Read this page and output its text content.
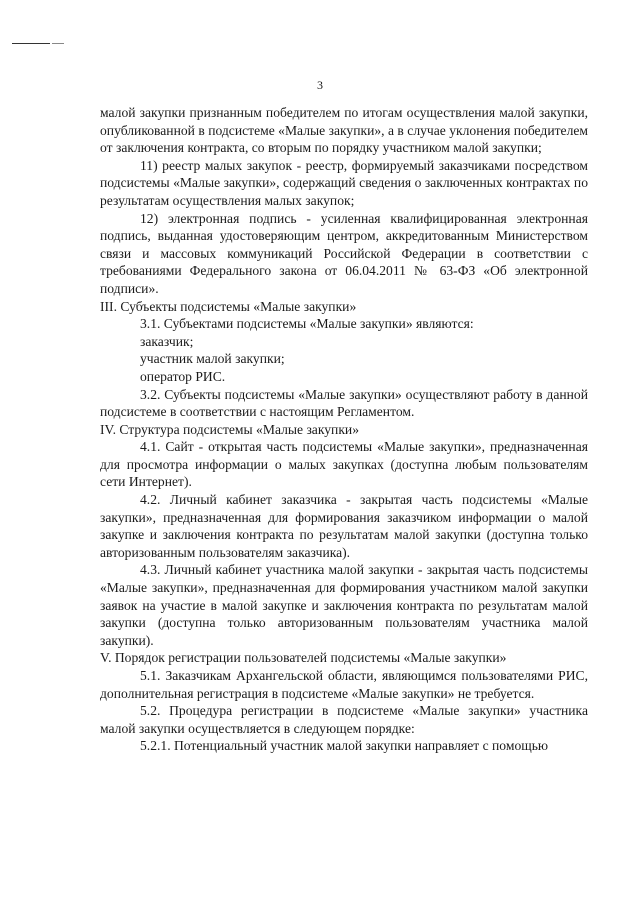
3

малой закупки признанным победителем по итогам осуществления малой закупки, опубликованной в подсистеме «Малые закупки», а в случае уклонения победителем от заключения контракта, со вторым по порядку участником малой закупки;

11) реестр малых закупок - реестр, формируемый заказчиками посредством подсистемы «Малые закупки», содержащий сведения о заключенных контрактах по результатам осуществления малых закупок;

12) электронная подпись - усиленная квалифицированная электронная подпись, выданная удостоверяющим центром, аккредитованным Министерством связи и массовых коммуникаций Российской Федерации в соответствии с требованиями Федерального закона от 06.04.2011 № 63-ФЗ «Об электронной подписи».

III. Субъекты подсистемы «Малые закупки»

3.1. Субъектами подсистемы «Малые закупки» являются:

заказчик;

участник малой закупки;

оператор РИС.

3.2. Субъекты подсистемы «Малые закупки» осуществляют работу в данной подсистеме в соответствии с настоящим Регламентом.

IV. Структура подсистемы «Малые закупки»

4.1. Сайт - открытая часть подсистемы «Малые закупки», предназначенная для просмотра информации о малых закупках (доступна любым пользователям сети Интернет).

4.2. Личный кабинет заказчика - закрытая часть подсистемы «Малые закупки», предназначенная для формирования заказчиком информации о малой закупке и заключения контракта по результатам малой закупки (доступна только авторизованным пользователям заказчика).

4.3. Личный кабинет участника малой закупки - закрытая часть подсистемы «Малые закупки», предназначенная для формирования участником малой закупки заявок на участие в малой закупке и заключения контракта по результатам малой закупки (доступна только авторизованным пользователям участника малой закупки).

V. Порядок регистрации пользователей подсистемы «Малые закупки»

5.1. Заказчикам Архангельской области, являющимся пользователями РИС, дополнительная регистрация в подсистеме «Малые закупки» не требуется.

5.2. Процедура регистрации в подсистеме «Малые закупки» участника малой закупки осуществляется в следующем порядке:

5.2.1. Потенциальный участник малой закупки направляет с помощью
